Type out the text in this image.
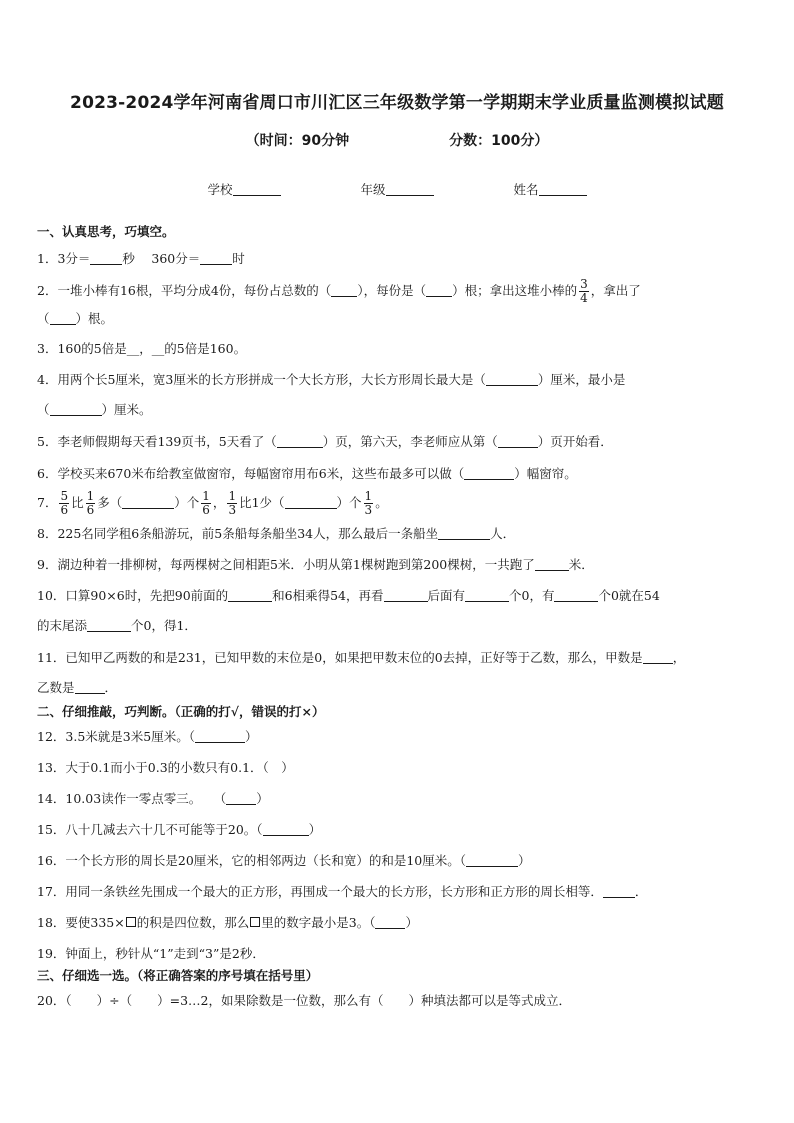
2023-2024学年河南省周口市川汇区三年级数学第一学期期末学业质量监测模拟试题
（时间：90分钟	分数：100分）
学校	年级	姓名

一、认真思考，巧填空。

1．3分＝	秒　 360分＝	时

2．一堆小棒有16根，平均分成4份，每份占总数的（ ），每份是（ ）根；拿出这堆小棒的 $\frac{3}{4}$ ，拿出了

（ ）根。

3．160的5倍是__，__的5倍是160。

4．用两个长5厘米，宽3厘米的长方形拼成一个大长方形，大长方形周长最大是（	）厘米，最小是

（	）厘米。

5．李老师假期每天看139页书，5天看了（	）页，第六天，李老师应从第（	）页开始看．

6．学校买来670米布给教室做窗帘，每幅窗帘用布6米，这些布最多可以做（	）幅窗帘。

7． $\frac{5}{6}$ 比 $\frac{1}{6}$ 多（	）个 $\frac{1}{6}$ ， $\frac{1}{3}$ 比1少（	）个 $\frac{1}{3}$ 。

8．225名同学租6条船游玩，前5条船每条船坐34人，那么最后一条船坐	人．

9．湖边种着一排柳树，每两棵树之间相距5米．小明从第1棵树跑到第200棵树，一共跑了	米．

10．口算90×6时，先把90前面的	和6相乘得54，再看	后面有	个0，有	个0就在54

的末尾添	个0，得1．

11．已知甲乙两数的和是231，已知甲数的末位是0，如果把甲数末位的0去掉，正好等于乙数，那么，甲数是 ，

乙数是 ．

二、仔细推敲，巧判断。（正确的打√，错误的打×）

12．3.5米就是3米5厘米。（	）

13．大于0.1而小于0.3的小数只有0.1．（　）

14．10.03读作一零点零三。　　（ ）

15．八十几减去六十几不可能等于20。（	）

16．一个长方形的周长是20厘米，它的相邻两边（长和宽）的和是10厘米。（	）

17．用同一条铁丝先围成一个最大的正方形，再围成一个最大的长方形，长方形和正方形的周长相等．	．

18．要使335× 的积是四位数，那么 里的数字最小是3。（ ）

19．钟面上，秒针从“1”走到“3”是2秒．

三、仔细选一选。（将正确答案的序号填在括号里）

20．（　　）÷（　　）=3…2，如果除数是一位数，那么有（　　）种填法都可以是等式成立．
